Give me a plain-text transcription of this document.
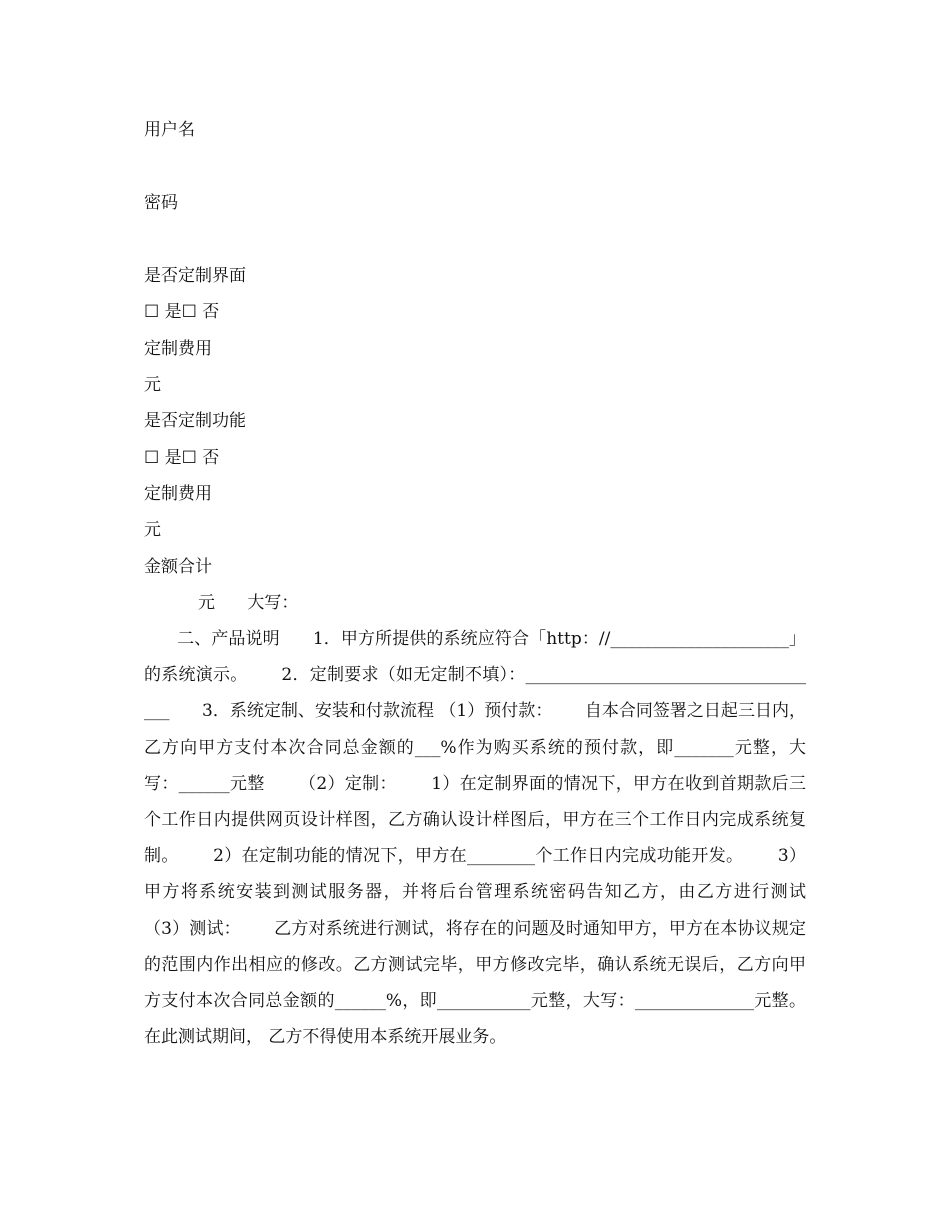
用户名
密码
是否定制界面
☐ 是☐ 否
定制费用
元
是否定制功能
☐ 是☐ 否
定制费用
元
金额合计
元      大写：
二、产品说明      1．甲方所提供的系统应符合「http：//_____________________」的系统演示。      2．定制要求（如无定制不填）：____________________________________      3．系统定制、安装和付款流程 （1）预付款：      自本合同签署之日起三日内，乙方向甲方支付本次合同总金额的___%作为购买系统的预付款，即_______元整，大写：______元整      （2）定制：      1）在定制界面的情况下，甲方在收到首期款后三个工作日内提供网页设计样图，乙方确认设计样图后，甲方在三个工作日内完成系统复制。      2）在定制功能的情况下，甲方在________个工作日内完成功能开发。      3）甲方将系统安装到测试服务器，并将后台管理系统密码告知乙方，由乙方进行测试      （3）测试：      乙方对系统进行测试，将存在的问题及时通知甲方，甲方在本协议规定的范围内作出相应的修改。乙方测试完毕，甲方修改完毕，确认系统无误后，乙方向甲方支付本次合同总金额的______%，即___________元整，大写：______________元整。在此测试期间， 乙方不得使用本系统开展业务。
